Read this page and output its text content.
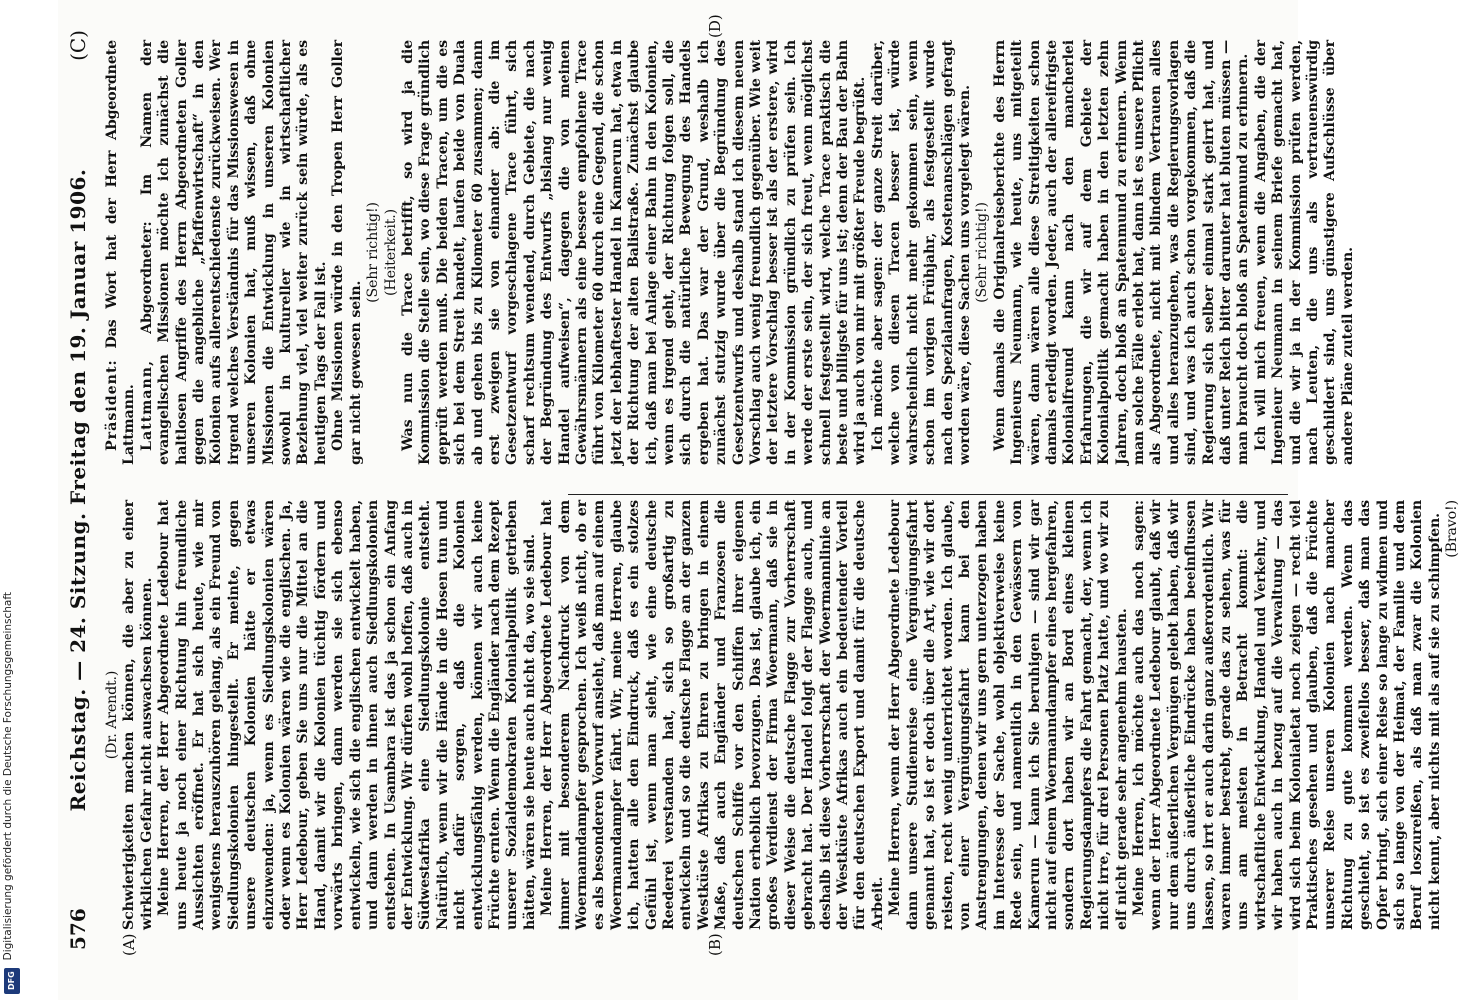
Digitalisierung gefördert durch die Deutsche Forschungsgemeinschaft
DFG
576
Reichstag. — 24. Sitzung. Freitag den 19. Januar 1906.
(C)
(A)	(B)
(D)

(Dr. Arendt.) Schwierigkeiten machen können, die aber zu einer wirklichen Gefahr nicht auswachsen können. Meine Herren, der Herr Abgeordnete Ledebour hat uns heute ja noch einer Richtung hin freundliche Aussichten eröffnet. Er hat sich heute, wie mir wenigstens herauszuhören gelang, als ein Freund von Siedlungskolonien hingestellt. Er meinte, gegen unsere deutschen Kolonien hätte er etwas einzuwenden: ja, wenn es Siedlungskolonien wären oder wenn es Kolonien wären wie die englischen. Ja, Herr Ledebour, geben Sie uns nur die Mittel an die Hand, damit wir die Kolonien tüchtig fördern und vorwärts bringen, dann werden sie sich ebenso entwickeln, wie sich die englischen entwickelt haben, und dann werden in ihnen auch Siedlungskolonien entstehen. In Usambara ist das ja schon ein Anfang der Entwicklung. Wir dürfen wohl hoffen, daß auch in Südwestafrika eine Siedlungskolonie entsteht. Natürlich, wenn wir die Hände in die Hosen tun und nicht dafür sorgen, daß die Kolonien entwicklungsfähig werden, können wir auch keine Früchte ernten. Wenn die Engländer nach dem Rezept unserer Sozialdemokraten Kolonialpolitik getrieben hätten, wären sie heute auch nicht da, wo sie sind. Meine Herren, der Herr Abgeordnete Ledebour hat immer mit besonderem Nachdruck von dem Woermanndampfer gesprochen. Ich weiß nicht, ob er es als besonderen Vorwurf ansieht, daß man auf einem Woermanndampfer fährt. Wir, meine Herren, glaube ich, hatten alle den Eindruck, daß es ein stolzes Gefühl ist, wenn man sieht, wie eine deutsche Reederei verstanden hat, sich so großartig zu entwickeln und so die deutsche Flagge an der ganzen Westküste Afrikas zu Ehren zu bringen in einem Maße, daß auch Engländer und Franzosen die deutschen Schiffe vor den Schiffen ihrer eigenen Nation erheblich bevorzugen. Das ist, glaube ich, ein großes Verdienst der Firma Woermann, daß sie in dieser Weise die deutsche Flagge zur Vorherrschaft gebracht hat. Der Handel folgt der Flagge auch, und deshalb ist diese Vorherrschaft der Woermannlinie an der Westküste Afrikas auch ein bedeutender Vorteil für den deutschen Export und damit für die deutsche Arbeit. Meine Herren, wenn der Herr Abgeordnete Ledebour dann unsere Studienreise eine Vergnügungsfahrt genannt hat, so ist er doch über die Art, wie wir dort reisten, recht wenig unterrichtet worden. Ich glaube, von einer Vergnügungsfahrt kann bei den Anstrengungen, denen wir uns gern unterzogen haben im Interesse der Sache, wohl objektiverweise keine Rede sein, und namentlich in den Gewässern von Kamerun — kann ich Sie beruhigen — sind wir gar nicht auf einem Woermanndampfer eines hergefahren, sondern dort haben wir an Bord eines kleinen Regierungsdampfers die Fahrt gemacht, der, wenn ich nicht irre, für drei Personen Platz hatte, und wo wir zu elf nicht gerade sehr angenehm hausten. Meine Herren, ich möchte auch das noch sagen: wenn der Herr Abgeordnete Ledebour glaubt, daß wir nur dem äußerlichen Vergnügen gelebt haben, daß wir uns durch äußerliche Eindrücke haben beeinflussen lassen, so irrt er auch darin ganz außerordentlich. Wir waren immer bestrebt, gerade das zu sehen, was für uns am meisten in Betracht kommt: die wirtschaftliche Entwicklung, Handel und Verkehr, und wir haben auch in bezug auf die Verwaltung — das wird sich beim Kolonialetat noch zeigen — recht viel Praktisches gesehen und glauben, daß die Früchte unserer Reise unseren Kolonien nach mancher Richtung zu gute kommen werden. Wenn das geschieht, so ist es zweifellos besser, daß man das Opfer bringt, sich einer Reise so lange zu widmen und sich so lange von der Heimat, der Familie und dem Beruf loszureißen, als daß man zwar die Kolonien nicht kennt, aber nichts mit als auf sie zu schimpfen. (Bravo!)

Präsident: Das Wort hat der Herr Abgeordnete Lattmann. Lattmann, Abgeordneter: Im Namen der evangelischen Missionen möchte ich zunächst die haltlosen Angriffe des Herrn Abgeordneten Goller gegen die angebliche „Pfaffenwirtschaft“ in den Kolonien aufs allerentschiedenste zurückweisen. Wer irgend welches Verständnis für das Missionswesen in unseren Kolonien hat, muß wissen, daß ohne Missionen die Entwicklung in unseren Kolonien sowohl in kultureller wie in wirtschaftlicher Beziehung viel, viel weiter zurück sein würde, als es heutigen Tags der Fall ist. Ohne Missionen würde in den Tropen Herr Goller gar nicht gewesen sein.

(Sehr richtig!) (Heiterkeit.) Was nun die Trace betrifft, so wird ja die Kommission die Stelle sein, wo diese Frage gründlich geprüft werden muß. Die beiden Tracen, um die es sich bei dem Streit handelt, laufen beide von Duala ab und gehen bis zu Kilometer 60 zusammen; dann erst zweigen sie von einander ab: die im Gesetzentwurf vorgeschlagene Trace führt, sich scharf rechtsum wendend, durch Gebiete, die nach der Begründung des Entwurfs „bislang nur wenig Handel aufweisen“, dagegen die von meinen Gewährsmännern als eine bessere empfohlene Trace führt von Kilometer 60 durch eine Gegend, die schon jetzt der lebhaftester Handel in Kamerun hat, etwa in der Richtung der alten Balistraße. Zunächst glaube ich, daß man bei Anlage einer Bahn in den Kolonien, wenn es irgend geht, der Richtung folgen soll, die sich durch die natürliche Bewegung des Handels ergeben hat. Das war der Grund, weshalb ich zunächst stutzig wurde über die Begründung des Gesetzentwurfs und deshalb stand ich diesem neuen Vorschlag auch wenig freundlich gegenüber. Wie weit der letztere Vorschlag besser ist als der erstere, wird in der Kommission gründlich zu prüfen sein. Ich werde der erste sein, der sich freut, wenn möglichst schnell festgestellt wird, welche Trace praktisch die beste und billigste für uns ist; denn der Bau der Bahn wird ja auch von mir mit größter Freude begrüßt. Ich möchte aber sagen: der ganze Streit darüber, welche von diesen Tracen besser ist, würde wahrscheinlich nicht mehr gekommen sein, wenn schon im vorigen Frühjahr, als festgestellt wurde nach den Spezialanfragen, Kostenanschlägen gefragt worden wäre, diese Sachen uns vorgelegt wären. (Sehr richtig!) Wenn damals die Originalreiseberichte des Herrn Ingenieurs Neumann, wie heute, uns mitgeteilt wären, dann wären alle diese Streitigkeiten schon damals erledigt worden. Jeder, auch der allereifrigste Kolonialfreund kann nach den mancherlei Erfahrungen, die wir auf dem Gebiete der Kolonialpolitik gemacht haben in den letzten zehn Jahren, doch bloß an Spatenmund zu erinnern. Wenn man solche Fälle erlebt hat, dann ist es unsere Pflicht als Abgeordnete, nicht mit blindem Vertrauen alles und alles heranzugehen, was die Regierungsvorlagen sind, und was ich auch schon vorgekommen, daß die Regierung sich selber einmal stark geirrt hat, und daß unter Reich bitter darunter hat bluten müssen — man braucht doch bloß an Spatenmund zu erinnern. Ich will mich freuen, wenn die Angaben, die der Ingenieur Neumann in seinem Briefe gemacht hat, und die wir ja in der Kommission prüfen werden, nach Leuten, die uns als vertrauenswürdig geschildert sind, uns günstigere Aufschlüsse über andere Pläne zuteil werden.
